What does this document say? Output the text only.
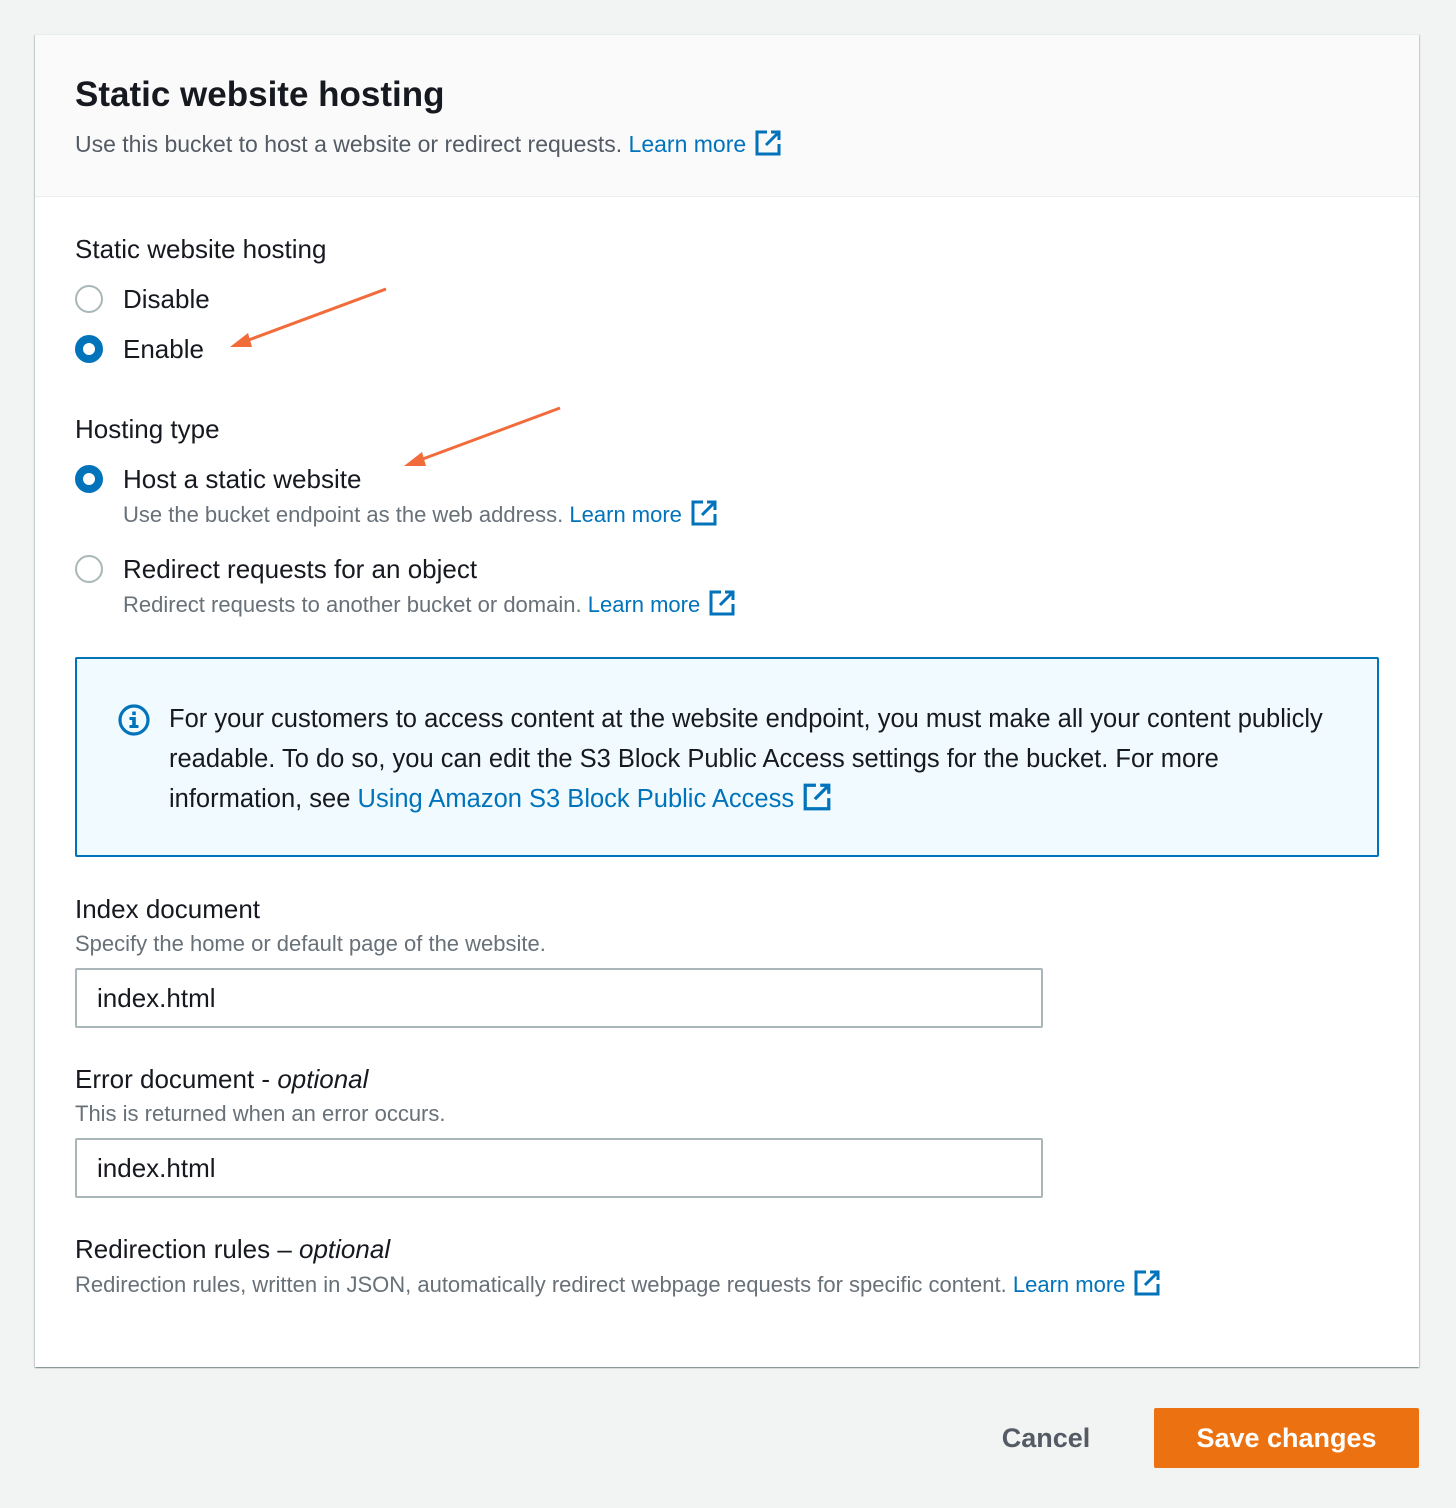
Static website hosting
Use this bucket to host a website or redirect requests. Learn more
Static website hosting
Disable
Enable
Hosting type
Host a static website
Use the bucket endpoint as the web address. Learn more
Redirect requests for an object
Redirect requests to another bucket or domain. Learn more
For your customers to access content at the website endpoint, you must make all your content publicly readable. To do so, you can edit the S3 Block Public Access settings for the bucket. For more information, see Using Amazon S3 Block Public Access
Index document
Specify the home or default page of the website.
index.html
Error document - optional
This is returned when an error occurs.
index.html
Redirection rules – optional
Redirection rules, written in JSON, automatically redirect webpage requests for specific content. Learn more
Cancel	Save changes
